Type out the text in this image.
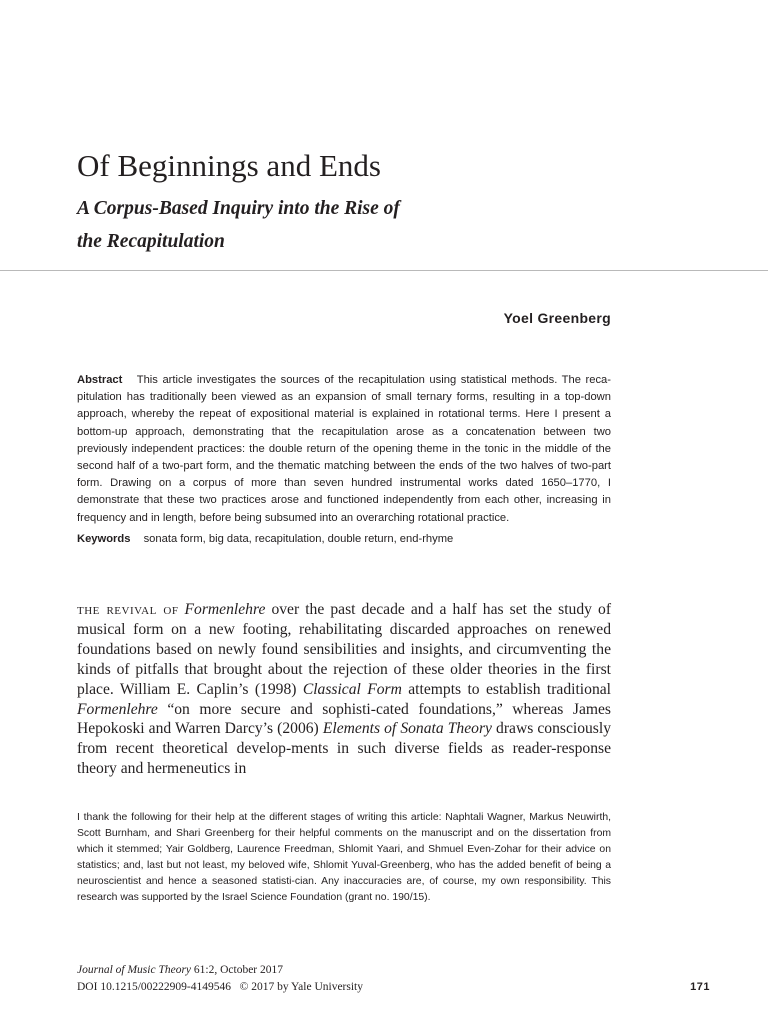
Of Beginnings and Ends
A Corpus-Based Inquiry into the Rise of
the Recapitulation
Yoel Greenberg

Abstract This article investigates the sources of the recapitulation using statistical methods. The reca-pitulation has traditionally been viewed as an expansion of small ternary forms, resulting in a top-down approach, whereby the repeat of expositional material is explained in rotational terms. Here I present a bottom-up approach, demonstrating that the recapitulation arose as a concatenation between two previously independent practices: the double return of the opening theme in the tonic in the middle of the second half of a two-part form, and the thematic matching between the ends of the two halves of two-part form. Drawing on a corpus of more than seven hundred instrumental works dated 1650–1770, I demonstrate that these two practices arose and functioned independently from each other, increasing in frequency and in length, before being subsumed into an overarching rotational practice.

Keywords sonata form, big data, recapitulation, double return, end-rhyme

the revival of Formenlehre over the past decade and a half has set the study of musical form on a new footing, rehabilitating discarded approaches on renewed foundations based on newly found sensibilities and insights, and circumventing the kinds of pitfalls that brought about the rejection of these older theories in the first place. William E. Caplin’s (1998) Classical Form attempts to establish traditional Formenlehre “on more secure and sophisti-cated foundations,” whereas James Hepokoski and Warren Darcy’s (2006) Elements of Sonata Theory draws consciously from recent theoretical develop-ments in such diverse fields as reader-response theory and hermeneutics in

I thank the following for their help at the different stages of writing this article: Naphtali Wagner, Markus Neuwirth, Scott Burnham, and Shari Greenberg for their helpful comments on the manuscript and on the dissertation from which it stemmed; Yair Goldberg, Laurence Freedman, Shlomit Yaari, and Shmuel Even-Zohar for their advice on statistics; and, last but not least, my beloved wife, Shlomit Yuval-Greenberg, who has the added benefit of being a neuroscientist and hence a seasoned statisti-cian. Any inaccuracies are, of course, my own responsibility. This research was supported by the Israel Science Foundation (grant no. 190/15).

Journal of Music Theory 61:2, October 2017
DOI 10.1215/00222909-4149546   © 2017 by Yale University	171
